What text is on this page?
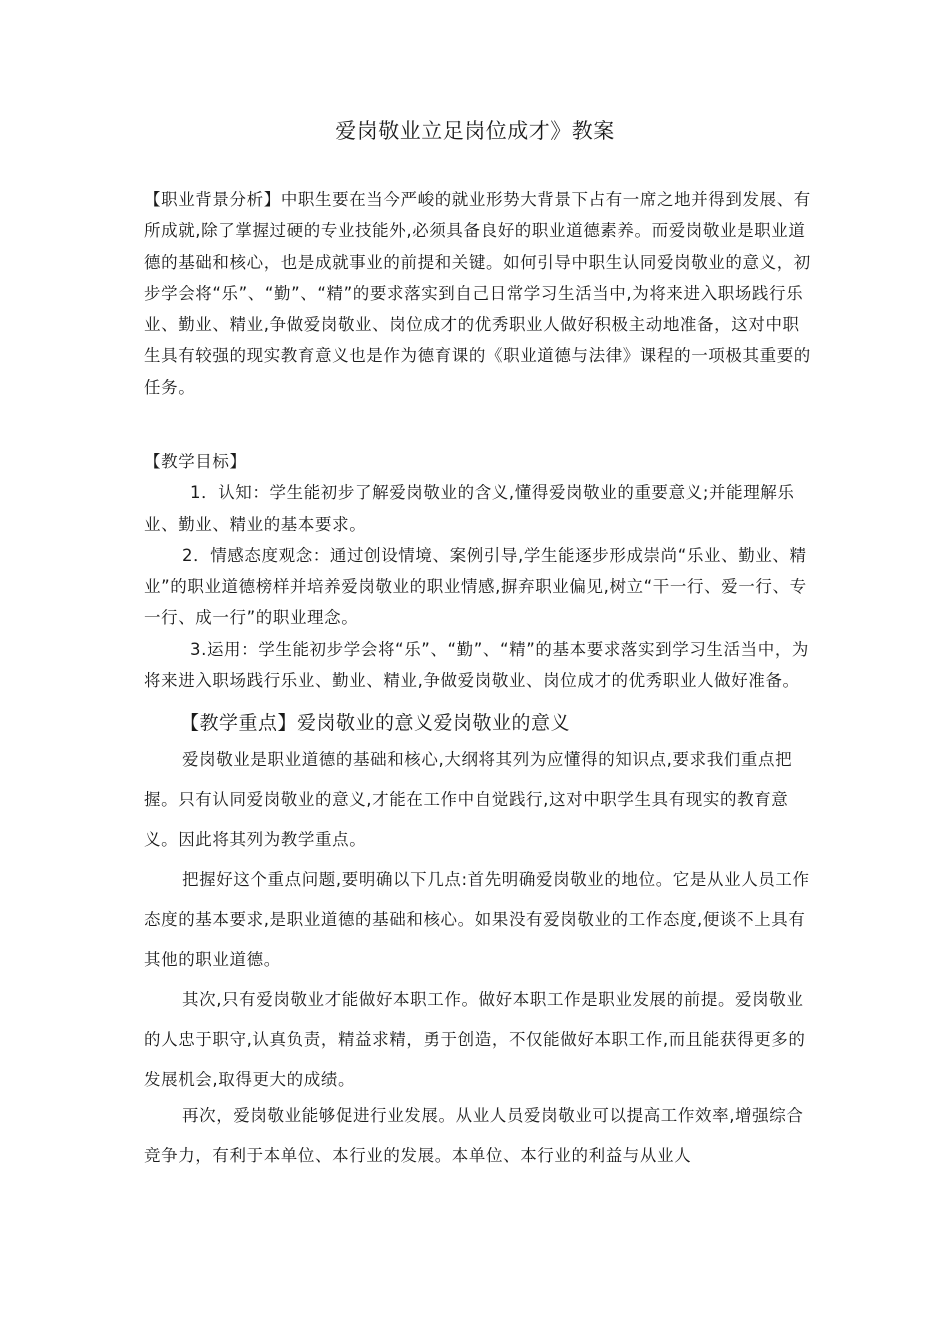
爱岗敬业立足岗位成才》教案
【职业背景分析】中职生要在当今严峻的就业形势大背景下占有一席之地并得到发展、有所成就,除了掌握过硬的专业技能外,必须具备良好的职业道德素养。而爱岗敬业是职业道德的基础和核心，也是成就事业的前提和关键。如何引导中职生认同爱岗敬业的意义，初步学会将“乐”、“勤”、“精”的要求落实到自己日常学习生活当中,为将来进入职场践行乐业、勤业、精业,争做爱岗敬业、岗位成才的优秀职业人做好积极主动地准备，这对中职生具有较强的现实教育意义也是作为德育课的《职业道德与法律》课程的一项极其重要的任务。
【教学目标】

1．认知：学生能初步了解爱岗敬业的含义,懂得爱岗敬业的重要意义;并能理解乐业、勤业、精业的基本要求。

2．情感态度观念：通过创设情境、案例引导,学生能逐步形成崇尚“乐业、勤业、精业”的职业道德榜样并培养爱岗敬业的职业情感,摒弃职业偏见,树立“干一行、爱一行、专一行、成一行”的职业理念。

3.运用：学生能初步学会将“乐”、“勤”、“精”的基本要求落实到学习生活当中，为将来进入职场践行乐业、勤业、精业,争做爱岗敬业、岗位成才的优秀职业人做好准备。

【教学重点】爱岗敬业的意义爱岗敬业的意义

爱岗敬业是职业道德的基础和核心,大纲将其列为应懂得的知识点,要求我们重点把握。只有认同爱岗敬业的意义,才能在工作中自觉践行,这对中职学生具有现实的教育意义。因此将其列为教学重点。

把握好这个重点问题,要明确以下几点:首先明确爱岗敬业的地位。它是从业人员工作态度的基本要求,是职业道德的基础和核心。如果没有爱岗敬业的工作态度,便谈不上具有其他的职业道德。

其次,只有爱岗敬业才能做好本职工作。做好本职工作是职业发展的前提。爱岗敬业的人忠于职守,认真负责，精益求精，勇于创造，不仅能做好本职工作,而且能获得更多的发展机会,取得更大的成绩。

再次，爱岗敬业能够促进行业发展。从业人员爱岗敬业可以提高工作效率,增强综合竞争力，有利于本单位、本行业的发展。本单位、本行业的利益与从业人
